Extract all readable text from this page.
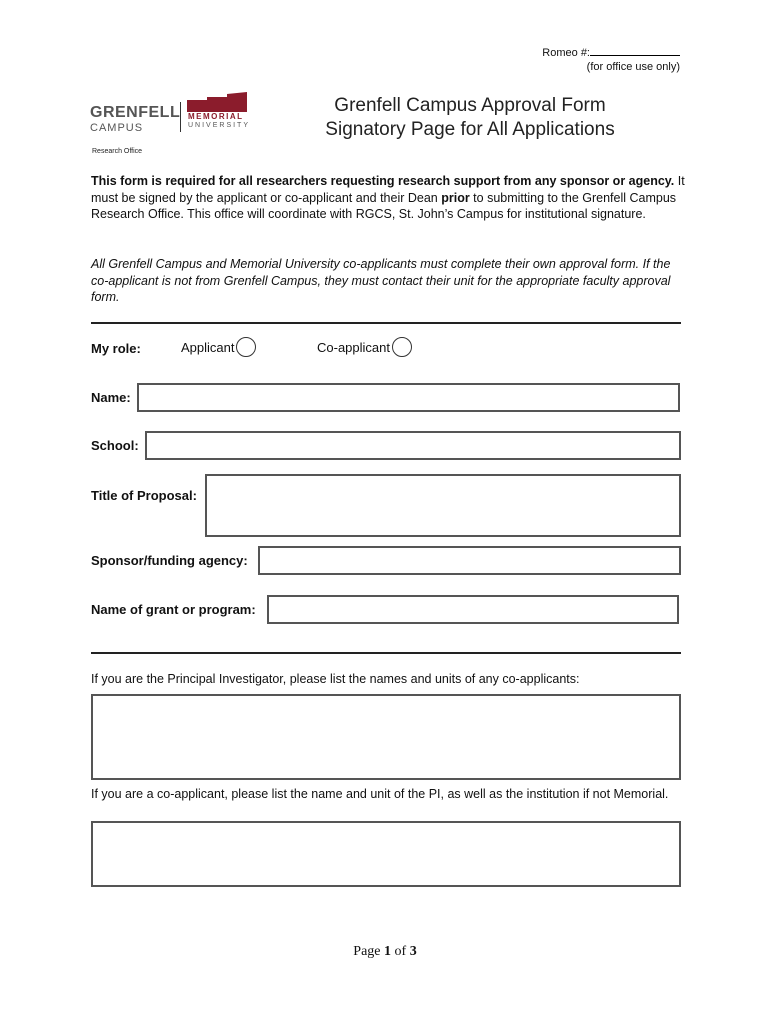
Romeo #:
(for office use only)
GRENFELL
CAMPUS
MEMORIAL
UNIVERSITY
Research Office
Grenfell Campus Approval Form
Signatory Page for All Applications
This form is required for all researchers requesting research support from any sponsor or agency. It must be signed by the applicant or co-applicant and their Dean prior to submitting to the Grenfell Campus Research Office. This office will coordinate with RGCS, St. John’s Campus for institutional signature.
All Grenfell Campus and Memorial University co-applicants must complete their own approval form. If the co-applicant is not from Grenfell Campus, they must contact their unit for the appropriate faculty approval form.
My role:	Applicant	Co-applicant
Name:
School:
Title of Proposal:
Sponsor/funding agency:
Name of grant or program:
If you are the Principal Investigator, please list the names and units of any co-applicants:
If you are a co-applicant, please list the name and unit of the PI, as well as the institution if not Memorial.
Page 1 of 3
